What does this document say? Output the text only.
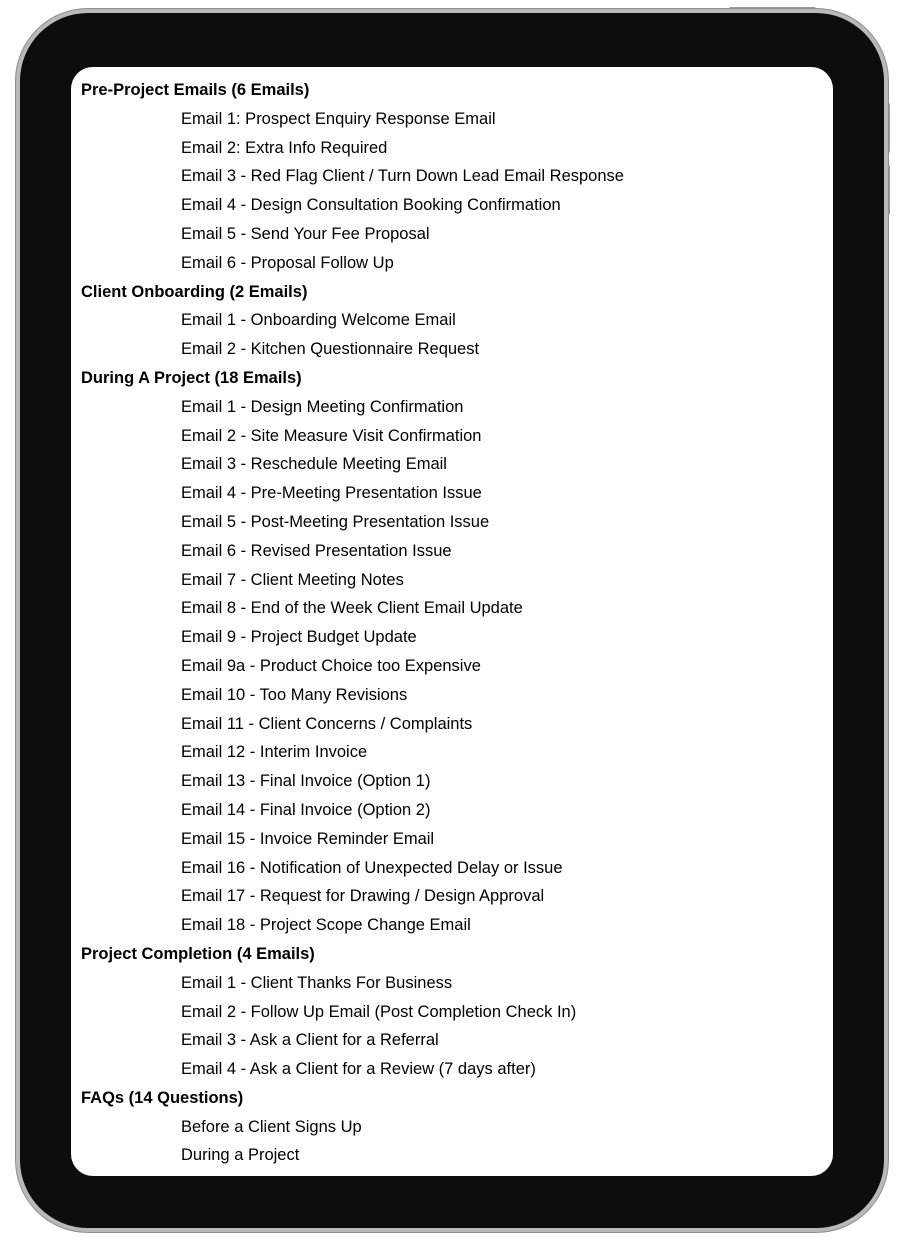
Pre-Project Emails (6 Emails)
Email 1: Prospect Enquiry Response Email
Email 2: Extra Info Required
Email 3 - Red Flag Client / Turn Down Lead Email Response
Email 4 - Design Consultation Booking Confirmation
Email 5 - Send Your Fee Proposal
Email 6 - Proposal Follow Up
Client Onboarding (2 Emails)
Email 1 - Onboarding Welcome Email
Email 2 - Kitchen Questionnaire Request
During A Project (18 Emails)
Email 1 - Design Meeting Confirmation
Email 2 - Site Measure Visit Confirmation
Email 3 - Reschedule Meeting Email
Email 4 - Pre-Meeting Presentation Issue
Email 5 - Post-Meeting Presentation Issue
Email 6 - Revised Presentation Issue
Email 7 - Client Meeting Notes
Email 8 - End of the Week Client Email Update
Email 9 - Project Budget Update
Email 9a - Product Choice too Expensive
Email 10 - Too Many Revisions
Email 11 - Client Concerns / Complaints
Email 12 - Interim Invoice
Email 13 - Final Invoice (Option 1)
Email 14 - Final Invoice (Option 2)
Email 15 - Invoice Reminder Email
Email 16 - Notification of Unexpected Delay or Issue
Email 17 - Request for Drawing / Design Approval
Email 18 - Project Scope Change Email
Project Completion (4 Emails)
Email 1 - Client Thanks For Business
Email 2 - Follow Up Email (Post Completion Check In)
Email 3 - Ask a Client for a Referral
Email 4 - Ask a Client for a Review (7 days after)
FAQs (14 Questions)
Before a Client Signs Up
During a Project
